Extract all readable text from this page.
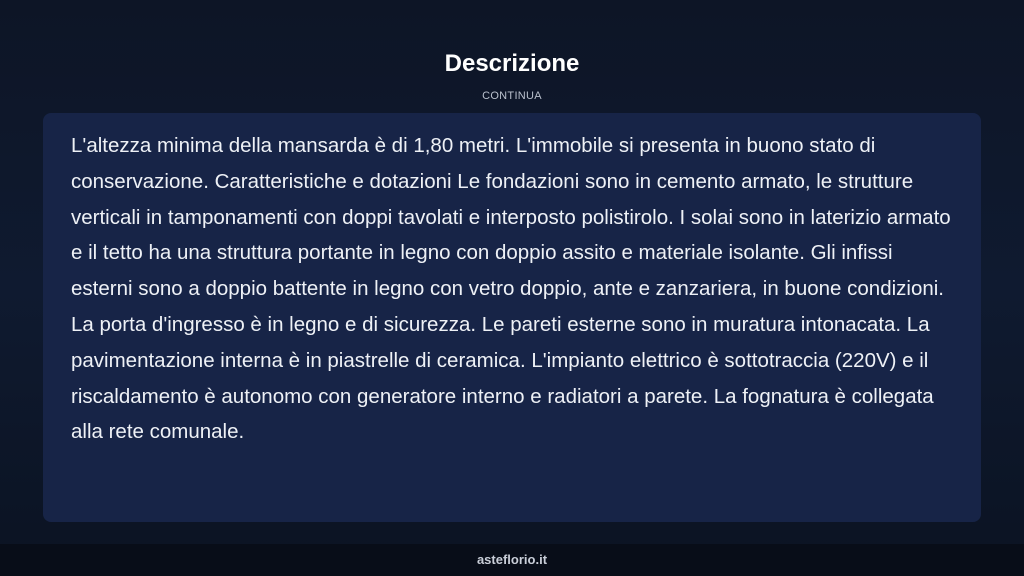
Descrizione
CONTINUA

L'altezza minima della mansarda è di 1,80 metri. L'immobile si presenta in buono stato di conservazione. Caratteristiche e dotazioni Le fondazioni sono in cemento armato, le strutture verticali in tamponamenti con doppi tavolati e interposto polistirolo. I solai sono in laterizio armato e il tetto ha una struttura portante in legno con doppio assito e materiale isolante. Gli infissi esterni sono a doppio battente in legno con vetro doppio, ante e zanzariera, in buone condizioni. La porta d'ingresso è in legno e di sicurezza. Le pareti esterne sono in muratura intonacata. La pavimentazione interna è in piastrelle di ceramica. L'impianto elettrico è sottotraccia (220V) e il riscaldamento è autonomo con generatore interno e radiatori a parete. La fognatura è collegata alla rete comunale.

asteflorio.it
